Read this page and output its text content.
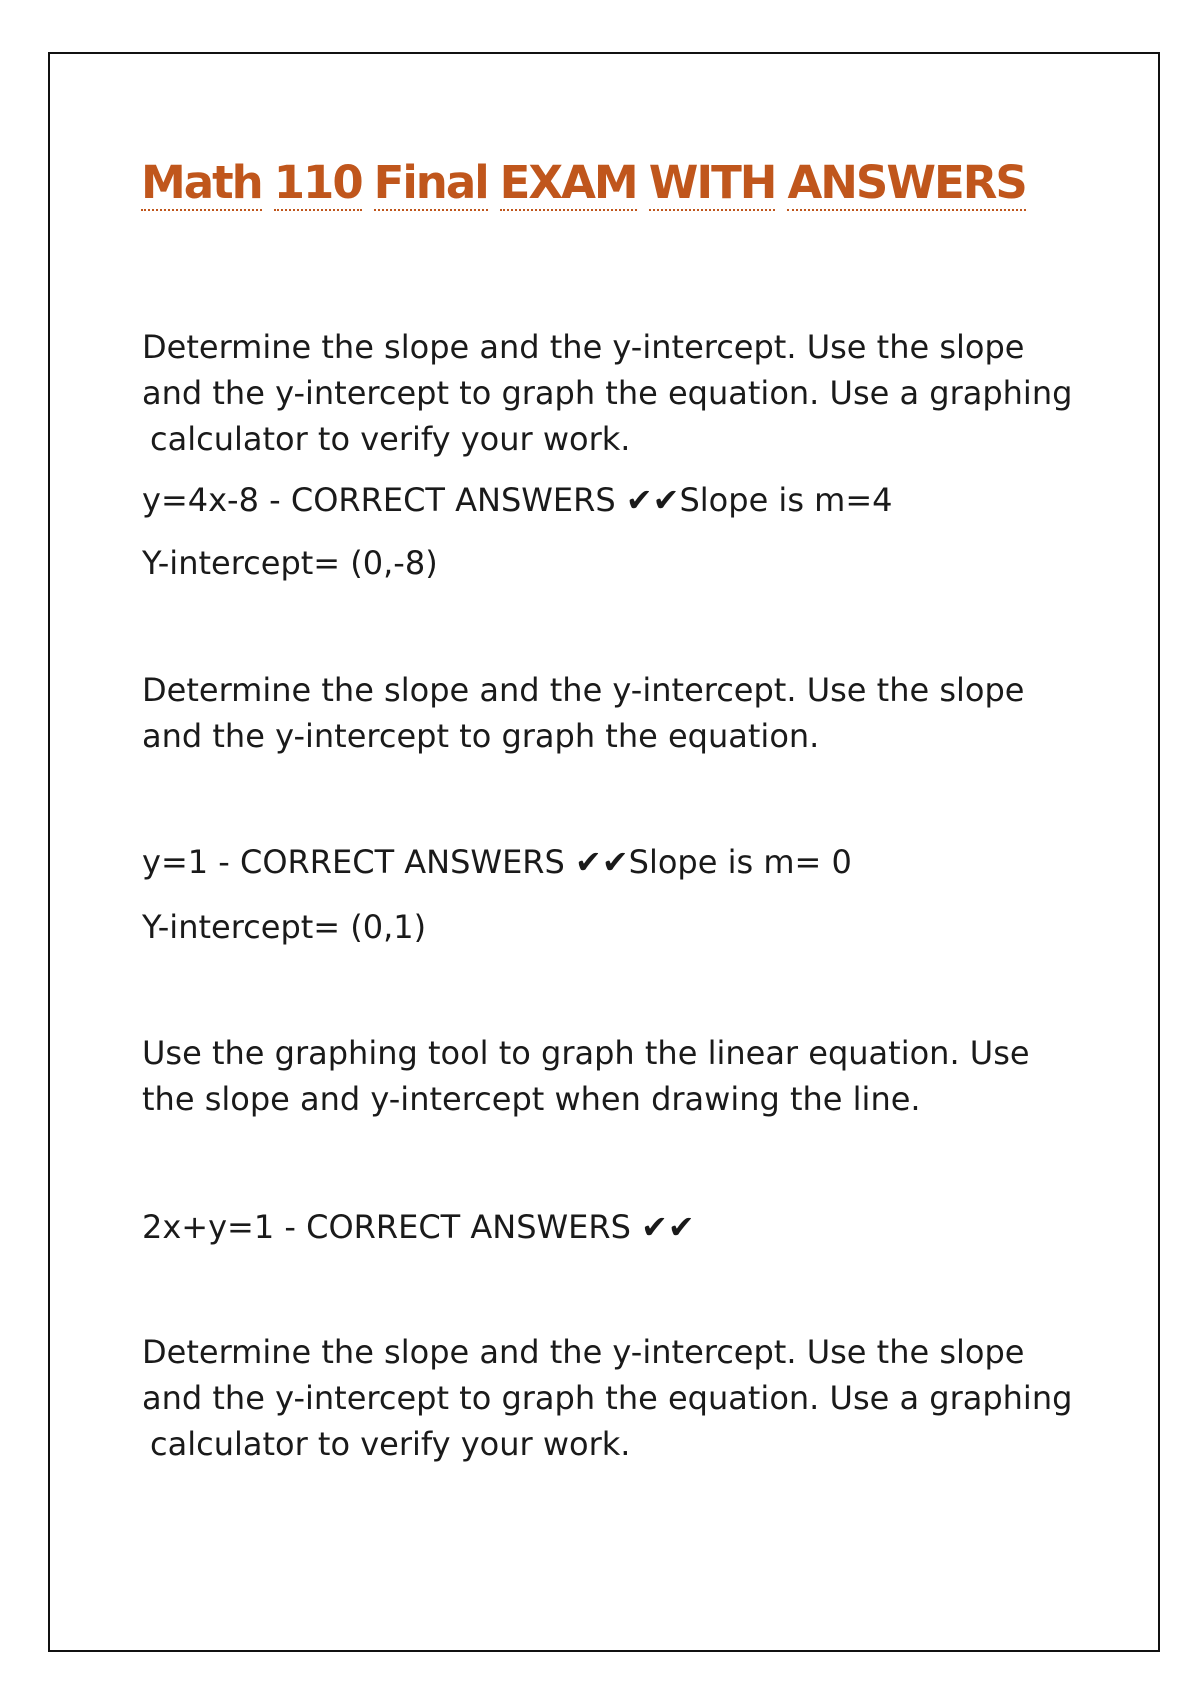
Math 110 Final EXAM WITH ANSWERS

Determine the slope and the y-intercept. Use the slope
and the y-intercept to graph the equation. Use a graphing
calculator to verify your work.

y=4x-8 - CORRECT ANSWERS ✔✔Slope is m=4

Y-intercept= (0,-8)

Determine the slope and the y-intercept. Use the slope
and the y-intercept to graph the equation.

y=1 - CORRECT ANSWERS ✔✔Slope is m= 0

Y-intercept= (0,1)

Use the graphing tool to graph the linear equation. Use
the slope and y-intercept when drawing the line.

2x+y=1 - CORRECT ANSWERS ✔✔

Determine the slope and the y-intercept. Use the slope
and the y-intercept to graph the equation. Use a graphing
calculator to verify your work.
